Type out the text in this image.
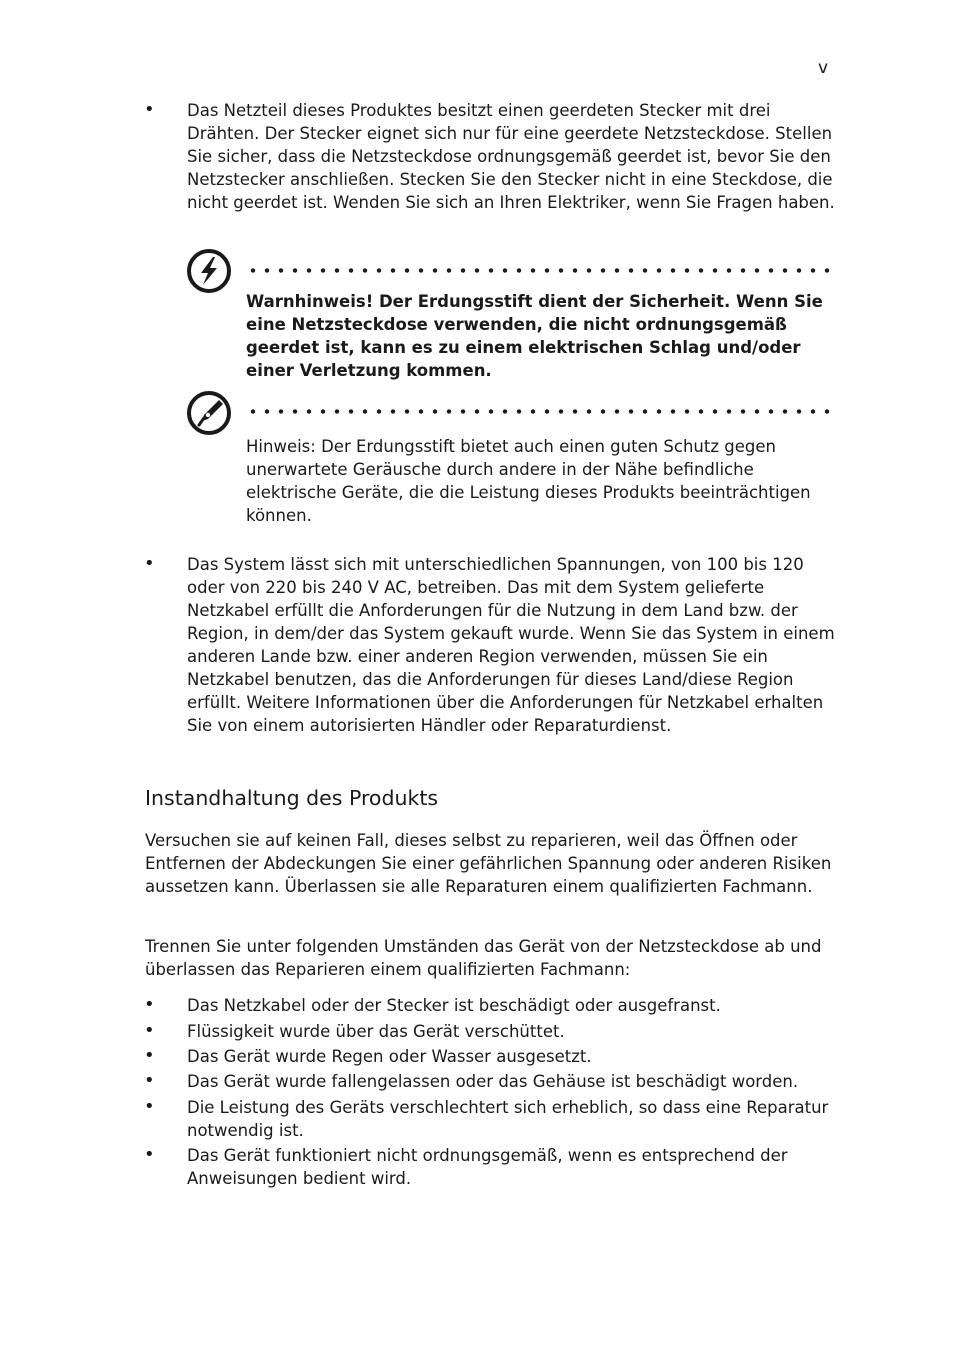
v
• Das Netzteil dieses Produktes besitzt einen geerdeten Stecker mit drei Drähten. Der Stecker eignet sich nur für eine geerdete Netzsteckdose. Stellen Sie sicher, dass die Netzsteckdose ordnungsgemäß geerdet ist, bevor Sie den Netzstecker anschließen. Stecken Sie den Stecker nicht in eine Steckdose, die nicht geerdet ist. Wenden Sie sich an Ihren Elektriker, wenn Sie Fragen haben.

Warnhinweis! Der Erdungsstift dient der Sicherheit. Wenn Sie eine Netzsteckdose verwenden, die nicht ordnungsgemäß geerdet ist, kann es zu einem elektrischen Schlag und/oder einer Verletzung kommen.

Hinweis: Der Erdungsstift bietet auch einen guten Schutz gegen unerwartete Geräusche durch andere in der Nähe befindliche elektrische Geräte, die die Leistung dieses Produkts beeinträchtigen können.

• Das System lässt sich mit unterschiedlichen Spannungen, von 100 bis 120 oder von 220 bis 240 V AC, betreiben. Das mit dem System gelieferte Netzkabel erfüllt die Anforderungen für die Nutzung in dem Land bzw. der Region, in dem/der das System gekauft wurde. Wenn Sie das System in einem anderen Lande bzw. einer anderen Region verwenden, müssen Sie ein Netzkabel benutzen, das die Anforderungen für dieses Land/diese Region erfüllt. Weitere Informationen über die Anforderungen für Netzkabel erhalten Sie von einem autorisierten Händler oder Reparaturdienst.

Instandhaltung des Produkts

Versuchen sie auf keinen Fall, dieses selbst zu reparieren, weil das Öffnen oder Entfernen der Abdeckungen Sie einer gefährlichen Spannung oder anderen Risiken aussetzen kann. Überlassen sie alle Reparaturen einem qualifizierten Fachmann.

Trennen Sie unter folgenden Umständen das Gerät von der Netzsteckdose ab und überlassen das Reparieren einem qualifizierten Fachmann:

• Das Netzkabel oder der Stecker ist beschädigt oder ausgefranst.

• Flüssigkeit wurde über das Gerät verschüttet.

• Das Gerät wurde Regen oder Wasser ausgesetzt.

• Das Gerät wurde fallengelassen oder das Gehäuse ist beschädigt worden.

• Die Leistung des Geräts verschlechtert sich erheblich, so dass eine Reparatur notwendig ist.

• Das Gerät funktioniert nicht ordnungsgemäß, wenn es entsprechend der Anweisungen bedient wird.
